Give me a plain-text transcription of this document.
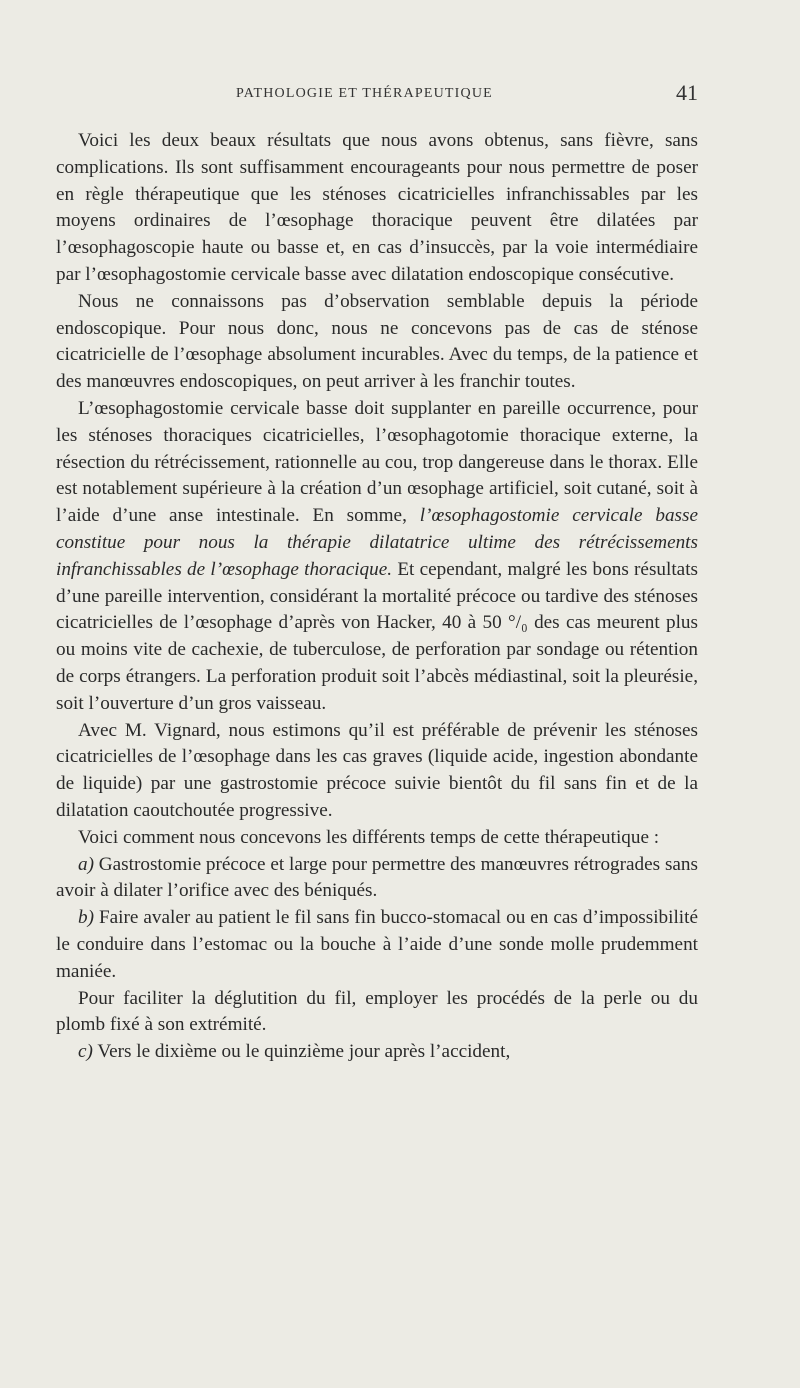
PATHOLOGIE ET THÉRAPEUTIQUE	41

Voici les deux beaux résultats que nous avons obtenus, sans fièvre, sans complications. Ils sont suffisamment encourageants pour nous permettre de poser en règle thérapeutique que les sténoses cicatricielles infranchissables par les moyens ordinaires de l’œsophage thoracique peuvent être dilatées par l’œsophagoscopie haute ou basse et, en cas d’insuccès, par la voie intermédiaire par l’œsophagostomie cervicale basse avec dilatation endoscopique consécutive.

Nous ne connaissons pas d’observation semblable depuis la période endoscopique. Pour nous donc, nous ne concevons pas de cas de sténose cicatricielle de l’œsophage absolument incurables. Avec du temps, de la patience et des manœuvres endoscopiques, on peut arriver à les franchir toutes.

L’œsophagostomie cervicale basse doit supplanter en pareille occurrence, pour les sténoses thoraciques cicatricielles, l’œsophagotomie thoracique externe, la résection du rétrécissement, rationnelle au cou, trop dangereuse dans le thorax. Elle est notablement supérieure à la création d’un œsophage artificiel, soit cutané, soit à l’aide d’une anse intestinale. En somme, l’œsophagostomie cervicale basse constitue pour nous la thérapie dilatatrice ultime des rétrécissements infranchissables de l’œsophage thoracique. Et cependant, malgré les bons résultats d’une pareille intervention, considérant la mortalité précoce ou tardive des sténoses cicatricielles de l’œsophage d’après von Hacker, 40 à 50 °/₀ des cas meurent plus ou moins vite de cachexie, de tuberculose, de perforation par sondage ou rétention de corps étrangers. La perforation produit soit l’abcès médiastinal, soit la pleurésie, soit l’ouverture d’un gros vaisseau.

Avec M. Vignard, nous estimons qu’il est préférable de prévenir les sténoses cicatricielles de l’œsophage dans les cas graves (liquide acide, ingestion abondante de liquide) par une gastrostomie précoce suivie bientôt du fil sans fin et de la dilatation caoutchoutée progressive.

Voici comment nous concevons les différents temps de cette thérapeutique :

a) Gastrostomie précoce et large pour permettre des manœuvres rétrogrades sans avoir à dilater l’orifice avec des béniqués.

b) Faire avaler au patient le fil sans fin bucco-stomacal ou en cas d’impossibilité le conduire dans l’estomac ou la bouche à l’aide d’une sonde molle prudemment maniée.

Pour faciliter la déglutition du fil, employer les procédés de la perle ou du plomb fixé à son extrémité.

c) Vers le dixième ou le quinzième jour après l’accident,
